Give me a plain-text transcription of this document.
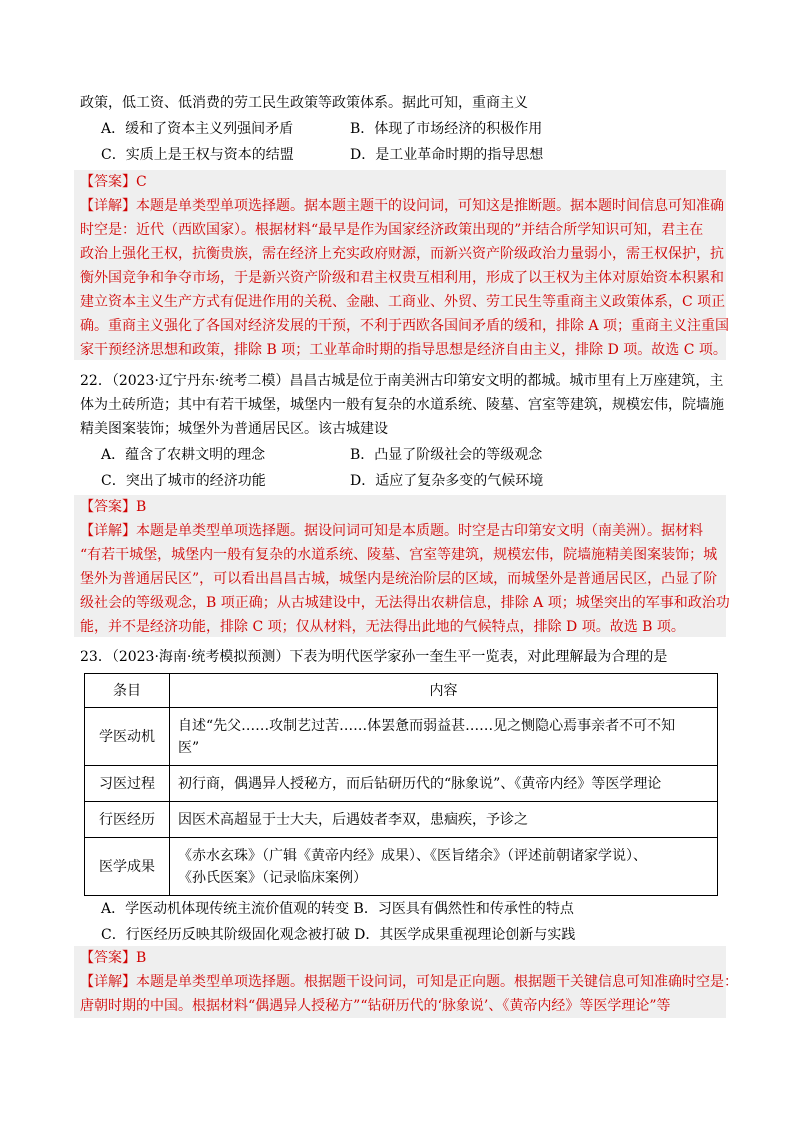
政策，低工资、低消费的劳工民生政策等政策体系。据此可知，重商主义
A．缓和了资本主义列强间矛盾	B．体现了市场经济的积极作用
C．实质上是王权与资本的结盟	D．是工业革命时期的指导思想
【答案】C
【详解】本题是单类型单项选择题。据本题主题干的设问词，可知这是推断题。据本题时间信息可知准确
时空是：近代（西欧国家）。根据材料“最早是作为国家经济政策出现的”并结合所学知识可知，君主在
政治上强化王权，抗衡贵族，需在经济上充实政府财源，而新兴资产阶级政治力量弱小，需王权保护，抗
衡外国竞争和争夺市场，于是新兴资产阶级和君主权贵互相利用，形成了以王权为主体对原始资本积累和
建立资本主义生产方式有促进作用的关税、金融、工商业、外贸、劳工民生等重商主义政策体系，C 项正
确。重商主义强化了各国对经济发展的干预，不利于西欧各国间矛盾的缓和，排除 A 项；重商主义注重国
家干预经济思想和政策，排除 B 项；工业革命时期的指导思想是经济自由主义，排除 D 项。故选 C 项。
22．（2023·辽宁丹东·统考二模）昌昌古城是位于南美洲古印第安文明的都城。城市里有上万座建筑，主
体为土砖所造；其中有若干城堡，城堡内一般有复杂的水道系统、陵墓、宫室等建筑，规模宏伟，院墙施
精美图案装饰；城堡外为普通居民区。该古城建设
A．蕴含了农耕文明的理念	B．凸显了阶级社会的等级观念
C．突出了城市的经济功能	D．适应了复杂多变的气候环境
【答案】B
【详解】本题是单类型单项选择题。据设问词可知是本质题。时空是古印第安文明（南美洲）。据材料
“有若干城堡，城堡内一般有复杂的水道系统、陵墓、宫室等建筑，规模宏伟，院墙施精美图案装饰；城
堡外为普通居民区”，可以看出昌昌古城，城堡内是统治阶层的区域，而城堡外是普通居民区，凸显了阶
级社会的等级观念，B 项正确；从古城建设中，无法得出农耕信息，排除 A 项；城堡突出的军事和政治功
能，并不是经济功能，排除 C 项；仅从材料，无法得出此地的气候特点，排除 D 项。故选 B 项。
23．（2023·海南·统考模拟预测）下表为明代医学家孙一奎生平一览表，对此理解最为合理的是
条目	内容
学医动机	自述“先父……攻制艺过苦……体罢惫而弱益甚……见之恻隐心焉事亲者不可不知
医”

习医过程	初行商，偶遇异人授秘方，而后钻研历代的“脉象说”、《黄帝内经》等医学理论

行医经历	因医术高超显于士大夫，后遇妓者李双，患痼疾，予诊之

医学成果	《赤水玄珠》（广辑《黄帝内经》成果）、《医旨绪余》（评述前朝诸家学说）、
《孙氏医案》（记录临床案例）
A．学医动机体现传统主流价值观的转变 B．习医具有偶然性和传承性的特点
C．行医经历反映其阶级固化观念被打破 D．其医学成果重视理论创新与实践
【答案】B
【详解】本题是单类型单项选择题。根据题干设问词，可知是正向题。根据题干关键信息可知准确时空是：
唐朝时期的中国。根据材料“偶遇异人授秘方”“钻研历代的‘脉象说’、《黄帝内经》等医学理论”等
